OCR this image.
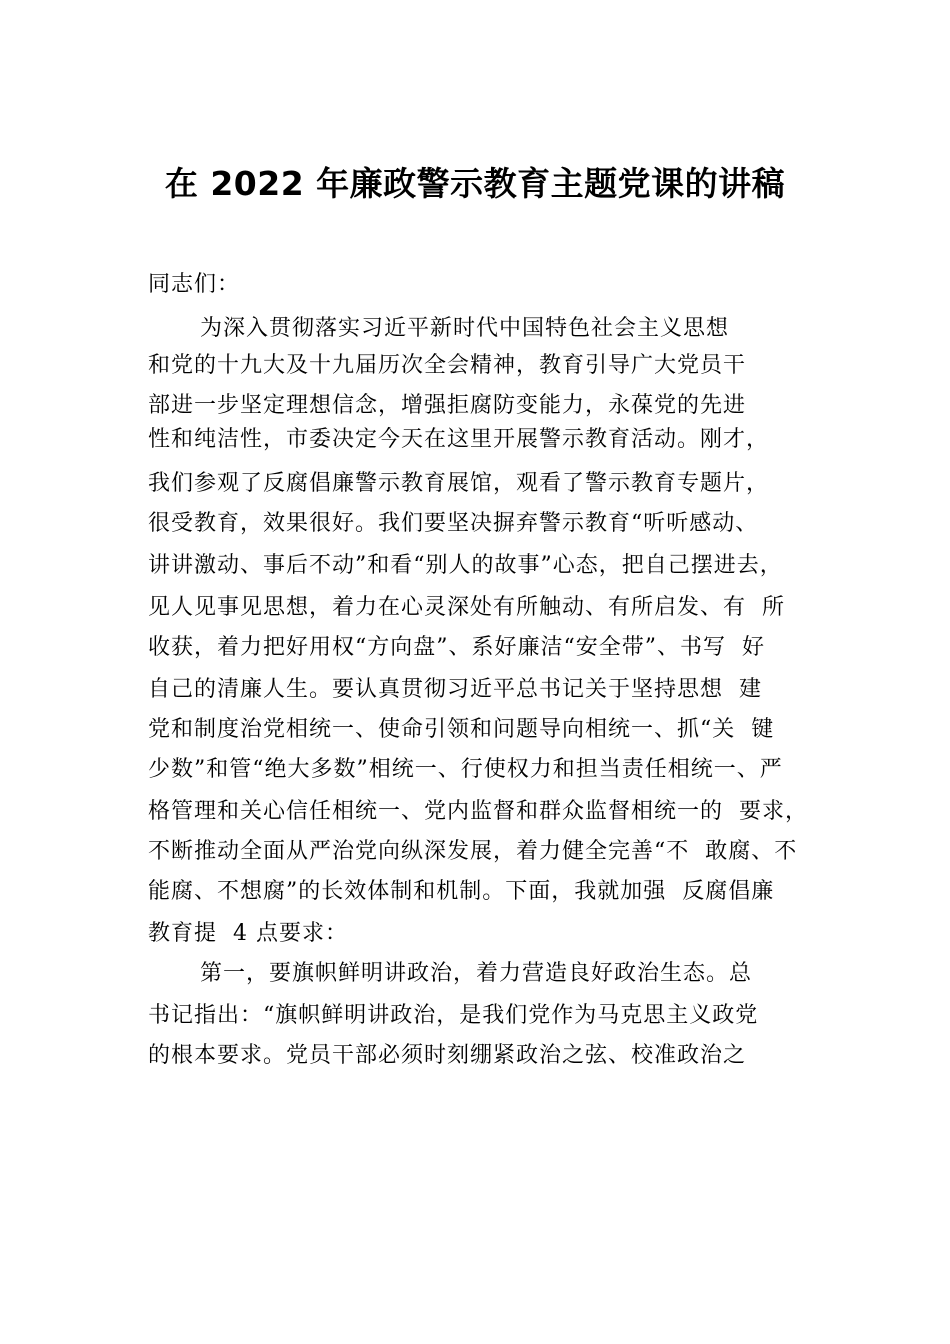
在 2022 年廉政警示教育主题党课的讲稿
同志们：
为深入贯彻落实习近平新时代中国特色社会主义思想
和党的十九大及十九届历次全会精神，教育引导广大党员干
部进一步坚定理想信念，增强拒腐防变能力，永葆党的先进
性和纯洁性，市委决定今天在这里开展警示教育活动。刚才，
我们参观了反腐倡廉警示教育展馆，观看了警示教育专题片，
很受教育，效果很好。我们要坚决摒弃警示教育“听听感动、
讲讲激动、事后不动”和看“别人的故事”心态，把自己摆进去，
见人见事见思想，着力在心灵深处有所触动、有所启发、有  所
收获，着力把好用权“方向盘”、系好廉洁“安全带”、书写  好
自己的清廉人生。要认真贯彻习近平总书记关于坚持思想  建
党和制度治党相统一、使命引领和问题导向相统一、抓“关  键
少数”和管“绝大多数”相统一、行使权力和担当责任相统一、严
格管理和关心信任相统一、党内监督和群众监督相统一的  要求，
不断推动全面从严治党向纵深发展，着力健全完善“不  敢腐、不
能腐、不想腐”的长效体制和机制。下面，我就加强  反腐倡廉
教育提  4 点要求：
第一，要旗帜鲜明讲政治，着力营造良好政治生态。总
书记指出：“旗帜鲜明讲政治，是我们党作为马克思主义政党
的根本要求。党员干部必须时刻绷紧政治之弦、校准政治之
